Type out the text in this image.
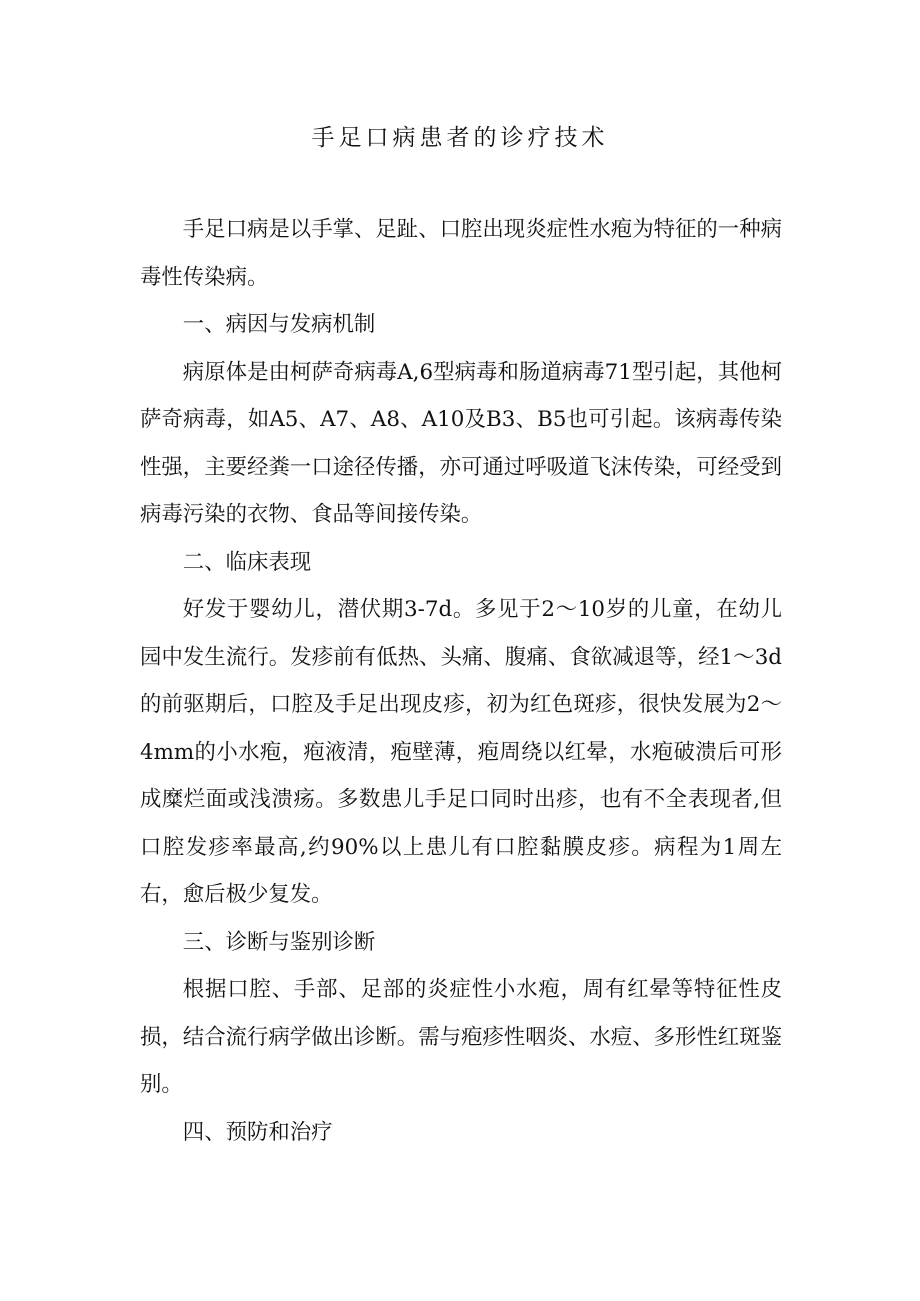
手足口病患者的诊疗技术

手足口病是以手掌、足趾、口腔出现炎症性水疱为特征的一种病毒性传染病。

一、病因与发病机制

病原体是由柯萨奇病毒A,6型病毒和肠道病毒71型引起，其他柯萨奇病毒，如A5、A7、A8、A10及B3、B5也可引起。该病毒传染性强，主要经粪一口途径传播，亦可通过呼吸道飞沫传染，可经受到病毒污染的衣物、食品等间接传染。

二、临床表现

好发于婴幼儿，潜伏期3-7d。多见于2～10岁的儿童，在幼儿园中发生流行。发疹前有低热、头痛、腹痛、食欲减退等，经1～3d的前驱期后，口腔及手足出现皮疹，初为红色斑疹，很快发展为2～4mm的小水疱，疱液清，疱壁薄，疱周绕以红晕，水疱破溃后可形成糜烂面或浅溃疡。多数患儿手足口同时出疹，也有不全表现者,但口腔发疹率最高,约90%以上患儿有口腔黏膜皮疹。病程为1周左右，愈后极少复发。

三、诊断与鉴别诊断

根据口腔、手部、足部的炎症性小水疱，周有红晕等特征性皮损，结合流行病学做出诊断。需与疱疹性咽炎、水痘、多形性红斑鉴别。

四、预防和治疗
